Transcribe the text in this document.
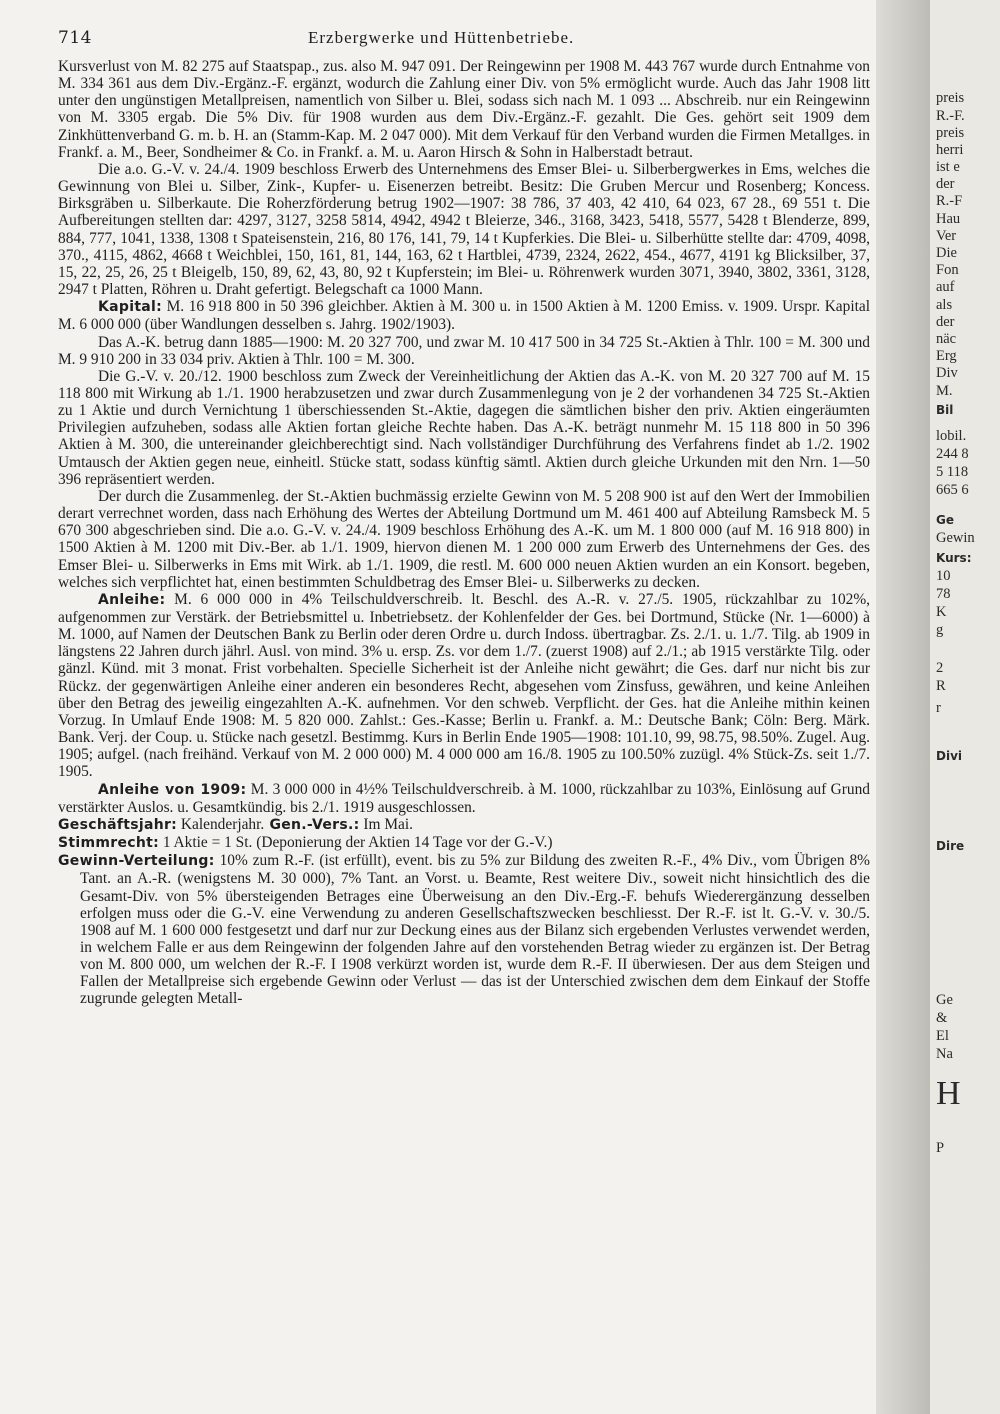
714	Erzbergwerke und Hüttenbetriebe.

Kursverlust von M. 82 275 auf Staatspap., zus. also M. 947 091. Der Reingewinn per 1908 M. 443 767 wurde durch Entnahme von M. 334 361 aus dem Div.-Ergänz.-F. ergänzt, wodurch die Zahlung einer Div. von 5% ermöglicht wurde. Auch das Jahr 1908 litt unter den ungünstigen Metallpreisen, namentlich von Silber u. Blei, sodass sich nach M. 1 093 ... Abschreib. nur ein Reingewinn von M. 3305 ergab. Die 5% Div. für 1908 wurden aus dem Div.-Ergänz.-F. gezahlt. Die Ges. gehört seit 1909 dem Zinkhüttenverband G. m. b. H. an (Stamm-Kap. M. 2 047 000). Mit dem Verkauf für den Verband wurden die Firmen Metallges. in Frankf. a. M., Beer, Sondheimer & Co. in Frankf. a. M. u. Aaron Hirsch & Sohn in Halberstadt betraut.

Die a.o. G.-V. v. 24./4. 1909 beschloss Erwerb des Unternehmens des Emser Blei- u. Silberbergwerkes in Ems, welches die Gewinnung von Blei u. Silber, Zink-, Kupfer- u. Eisenerzen betreibt. Besitz: Die Gruben Mercur und Rosenberg; Koncess. Birksgräben u. Silberkaute. Die Roherzförderung betrug 1902—1907: 38 786, 37 403, 42 410, 64 023, 67 28., 69 551 t. Die Aufbereitungen stellten dar: 4297, 3127, 3258 5814, 4942, 4942 t Bleierze, 346., 3168, 3423, 5418, 5577, 5428 t Blenderze, 899, 884, 777, 1041, 1338, 1308 t Spateisenstein, 216, 80 176, 141, 79, 14 t Kupferkies. Die Blei- u. Silberhütte stellte dar: 4709, 4098, 370., 4115, 4862, 4668 t Weichblei, 150, 161, 81, 144, 163, 62 t Hartblei, 4739, 2324, 2622, 454., 4677, 4191 kg Blicksilber, 37, 15, 22, 25, 26, 25 t Bleigelb, 150, 89, 62, 43, 80, 92 t Kupferstein; im Blei- u. Röhrenwerk wurden 3071, 3940, 3802, 3361, 3128, 2947 t Platten, Röhren u. Draht gefertigt. Belegschaft ca 1000 Mann.

Kapital: M. 16 918 800 in 50 396 gleichber. Aktien à M. 300 u. in 1500 Aktien à M. 1200 Emiss. v. 1909. Urspr. Kapital M. 6 000 000 (über Wandlungen desselben s. Jahrg. 1902/1903).

Das A.-K. betrug dann 1885—1900: M. 20 327 700, und zwar M. 10 417 500 in 34 725 St.-Aktien à Thlr. 100 = M. 300 und M. 9 910 200 in 33 034 priv. Aktien à Thlr. 100 = M. 300.

Die G.-V. v. 20./12. 1900 beschloss zum Zweck der Vereinheitlichung der Aktien das A.-K. von M. 20 327 700 auf M. 15 118 800 mit Wirkung ab 1./1. 1900 herabzusetzen und zwar durch Zusammenlegung von je 2 der vorhandenen 34 725 St.-Aktien zu 1 Aktie und durch Vernichtung 1 überschiessenden St.-Aktie, dagegen die sämtlichen bisher den priv. Aktien eingeräumten Privilegien aufzuheben, sodass alle Aktien fortan gleiche Rechte haben. Das A.-K. beträgt nunmehr M. 15 118 800 in 50 396 Aktien à M. 300, die untereinander gleichberechtigt sind. Nach vollständiger Durchführung des Verfahrens findet ab 1./2. 1902 Umtausch der Aktien gegen neue, einheitl. Stücke statt, sodass künftig sämtl. Aktien durch gleiche Urkunden mit den Nrn. 1—50 396 repräsentiert werden.

Der durch die Zusammenleg. der St.-Aktien buchmässig erzielte Gewinn von M. 5 208 900 ist auf den Wert der Immobilien derart verrechnet worden, dass nach Erhöhung des Wertes der Abteilung Dortmund um M. 461 400 auf Abteilung Ramsbeck M. 5 670 300 abgeschrieben sind. Die a.o. G.-V. v. 24./4. 1909 beschloss Erhöhung des A.-K. um M. 1 800 000 (auf M. 16 918 800) in 1500 Aktien à M. 1200 mit Div.-Ber. ab 1./1. 1909, hiervon dienen M. 1 200 000 zum Erwerb des Unternehmens der Ges. des Emser Blei- u. Silberwerks in Ems mit Wirk. ab 1./1. 1909, die restl. M. 600 000 neuen Aktien wurden an ein Konsort. begeben, welches sich verpflichtet hat, einen bestimmten Schuldbetrag des Emser Blei- u. Silberwerks zu decken.

Anleihe: M. 6 000 000 in 4% Teilschuldverschreib. lt. Beschl. des A.-R. v. 27./5. 1905, rückzahlbar zu 102%, aufgenommen zur Verstärk. der Betriebsmittel u. Inbetriebsetz. der Kohlenfelder der Ges. bei Dortmund, Stücke (Nr. 1—6000) à M. 1000, auf Namen der Deutschen Bank zu Berlin oder deren Ordre u. durch Indoss. übertragbar. Zs. 2./1. u. 1./7. Tilg. ab 1909 in längstens 22 Jahren durch jährl. Ausl. von mind. 3% u. ersp. Zs. vor dem 1./7. (zuerst 1908) auf 2./1.; ab 1915 verstärkte Tilg. oder gänzl. Künd. mit 3 monat. Frist vorbehalten. Specielle Sicherheit ist der Anleihe nicht gewährt; die Ges. darf nur nicht bis zur Rückz. der gegenwärtigen Anleihe einer anderen ein besonderes Recht, abgesehen vom Zinsfuss, gewähren, und keine Anleihen über den Betrag des jeweilig eingezahlten A.-K. aufnehmen. Vor den schweb. Verpflicht. der Ges. hat die Anleihe mithin keinen Vorzug. In Umlauf Ende 1908: M. 5 820 000. Zahlst.: Ges.-Kasse; Berlin u. Frankf. a. M.: Deutsche Bank; Cöln: Berg. Märk. Bank. Verj. der Coup. u. Stücke nach gesetzl. Bestimmg. Kurs in Berlin Ende 1905—1908: 101.10, 99, 98.75, 98.50%. Zugel. Aug. 1905; aufgel. (nach freihänd. Verkauf von M. 2 000 000) M. 4 000 000 am 16./8. 1905 zu 100.50% zuzügl. 4% Stück-Zs. seit 1./7. 1905.

Anleihe von 1909: M. 3 000 000 in 4½% Teilschuldverschreib. à M. 1000, rückzahlbar zu 103%, Einlösung auf Grund verstärkter Auslos. u. Gesamtkündig. bis 2./1. 1919 ausgeschlossen.

Geschäftsjahr: Kalenderjahr. Gen.-Vers.: Im Mai.

Stimmrecht: 1 Aktie = 1 St. (Deponierung der Aktien 14 Tage vor der G.-V.)

Gewinn-Verteilung: 10% zum R.-F. (ist erfüllt), event. bis zu 5% zur Bildung des zweiten R.-F., 4% Div., vom Übrigen 8% Tant. an A.-R. (wenigstens M. 30 000), 7% Tant. an Vorst. u. Beamte, Rest weitere Div., soweit nicht hinsichtlich des die Gesamt-Div. von 5% übersteigenden Betrages eine Überweisung an den Div.-Erg.-F. behufs Wiederergänzung desselben erfolgen muss oder die G.-V. eine Verwendung zu anderen Gesellschaftszwecken beschliesst. Der R.-F. ist lt. G.-V. v. 30./5. 1908 auf M. 1 600 000 festgesetzt und darf nur zur Deckung eines aus der Bilanz sich ergebenden Verlustes verwendet werden, in welchem Falle er aus dem Reingewinn der folgenden Jahre auf den vorstehenden Betrag wieder zu ergänzen ist. Der Betrag von M. 800 000, um welchen der R.-F. I 1908 verkürzt worden ist, wurde dem R.-F. II überwiesen. Der aus dem Steigen und Fallen der Metallpreise sich ergebende Gewinn oder Verlust — das ist der Unterschied zwischen dem dem Einkauf der Stoffe zugrunde gelegten Metall-

preis
R.-F.
preis
herri
ist e
der
R.-F
Hau
Ver
Die
Fon
auf
als
der
näc
Erg
Div
M.
Bil
lobil.
244 8
5 118
665 6
Ge
Gewin
Kurs:
10
78
K
g
2
R
r
Divi
Dire
Ge
&
El
Na
H
P
